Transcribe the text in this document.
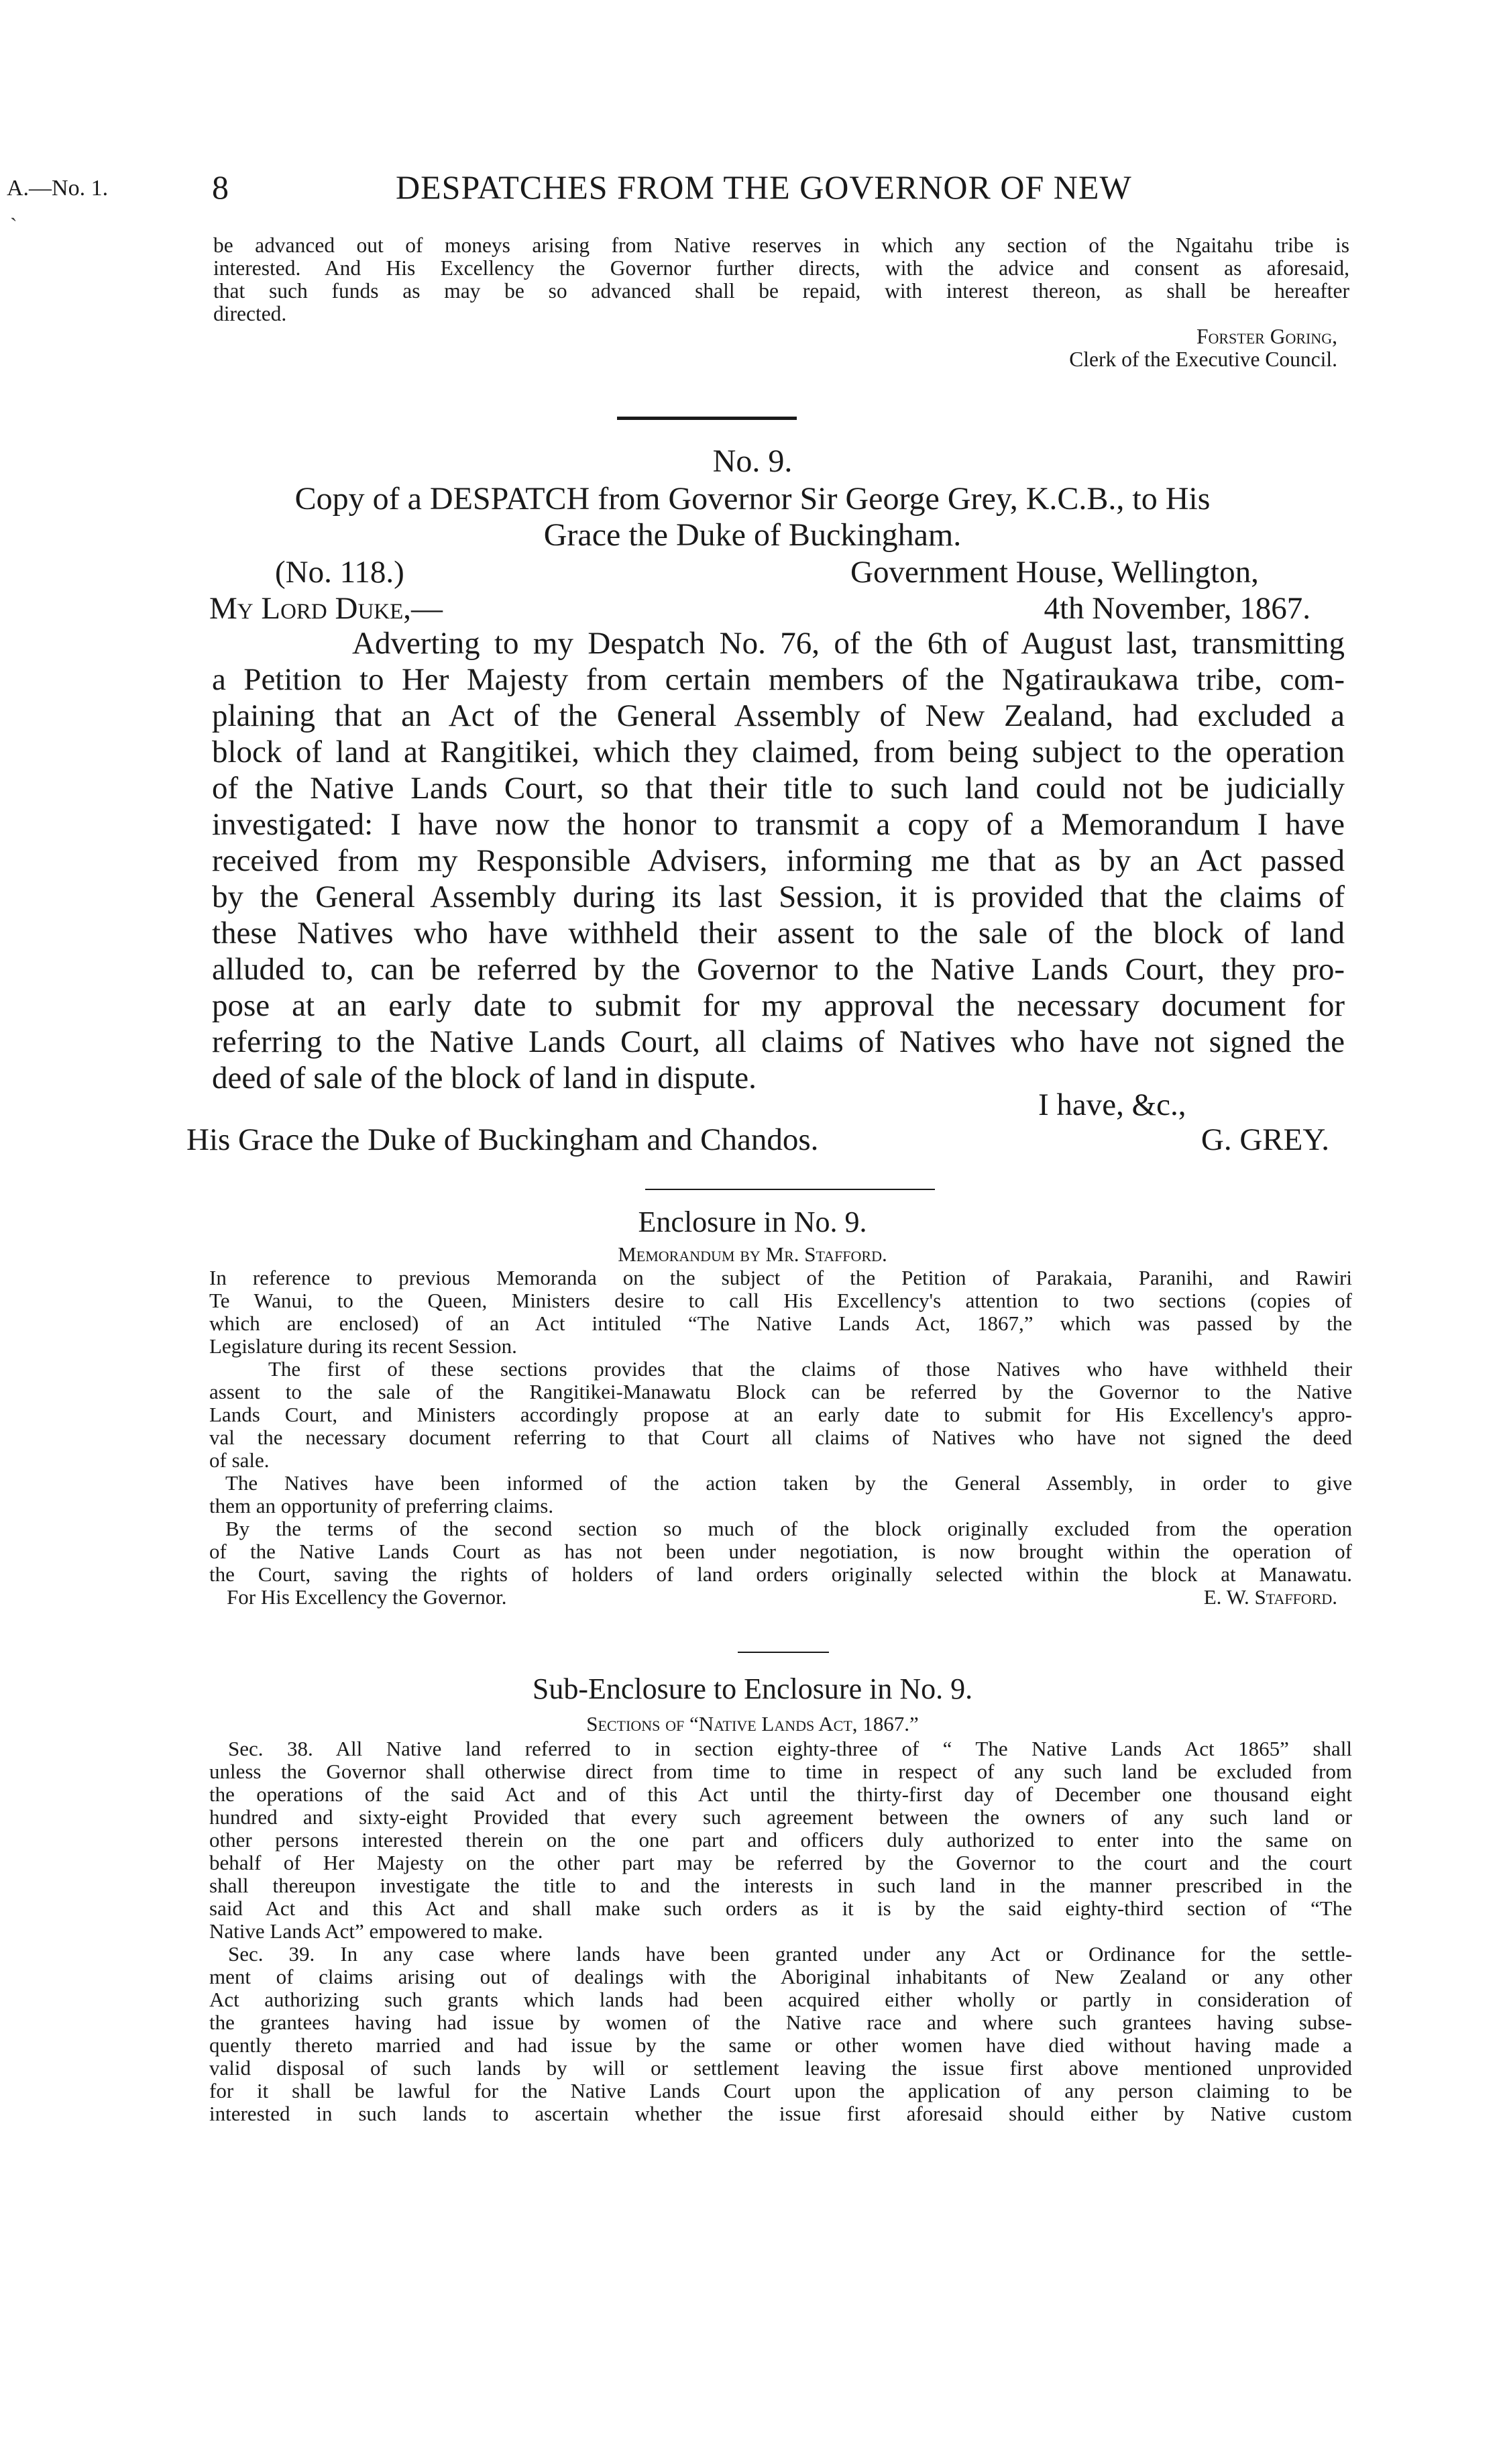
A.—No. 1.	8	DESPATCHES FROM THE GOVERNOR OF NEW
ˋ
be advanced out of moneys arising from Native reserves in which any section of the Ngaitahu tribe is
interested. And His Excellency the Governor further directs, with the advice and consent as aforesaid,
that such funds as may be so advanced shall be repaid, with interest thereon, as shall be hereafter
directed.
Forster Goring,
Clerk of the Executive Council.
No. 9.
Copy of a DESPATCH from Governor Sir George Grey, K.C.B., to His
Grace the Duke of Buckingham.
(No. 118.)	Government House, Wellington,
My Lord Duke,—	4th November, 1867.
Adverting to my Despatch No. 76, of the 6th of August last, transmitting
a Petition to Her Majesty from certain members of the Ngatiraukawa tribe, com-
plaining that an Act of the General Assembly of New Zealand, had excluded a
block of land at Rangitikei, which they claimed, from being subject to the operation
of the Native Lands Court, so that their title to such land could not be judicially
investigated: I have now the honor to transmit a copy of a Memorandum I have
received from my Responsible Advisers, informing me that as by an Act passed
by the General Assembly during its last Session, it is provided that the claims of
these Natives who have withheld their assent to the sale of the block of land
alluded to, can be referred by the Governor to the Native Lands Court, they pro-
pose at an early date to submit for my approval the necessary document for
referring to the Native Lands Court, all claims of Natives who have not signed the
deed of sale of the block of land in dispute.
I have, &c.,
His Grace the Duke of Buckingham and Chandos.	G. GREY.
Enclosure in No. 9.
Memorandum by Mr. Stafford.
In reference to previous Memoranda on the subject of the Petition of Parakaia, Paranihi, and Rawiri
Te Wanui, to the Queen, Ministers desire to call His Excellency's attention to two sections (copies of
which are enclosed) of an Act intituled “The Native Lands Act, 1867,” which was passed by the
Legislature during its recent Session.
The first of these sections provides that the claims of those Natives who have withheld their
assent to the sale of the Rangitikei-Manawatu Block can be referred by the Governor to the Native
Lands Court, and Ministers accordingly propose at an early date to submit for His Excellency's appro-
val the necessary document referring to that Court all claims of Natives who have not signed the deed
of sale.
The Natives have been informed of the action taken by the General Assembly, in order to give
them an opportunity of preferring claims.
By the terms of the second section so much of the block originally excluded from the operation
of the Native Lands Court as has not been under negotiation, is now brought within the operation of
the Court, saving the rights of holders of land orders originally selected within the block at Manawatu.
For His Excellency the Governor.	E. W. Stafford.
Sub-Enclosure to Enclosure in No. 9.
Sections of “Native Lands Act, 1867.”
Sec. 38. All Native land referred to in section eighty-three of “ The Native Lands Act 1865” shall
unless the Governor shall otherwise direct from time to time in respect of any such land be excluded from
the operations of the said Act and of this Act until the thirty-first day of December one thousand eight
hundred and sixty-eight Provided that every such agreement between the owners of any such land or
other persons interested therein on the one part and officers duly authorized to enter into the same on
behalf of Her Majesty on the other part may be referred by the Governor to the court and the court
shall thereupon investigate the title to and the interests in such land in the manner prescribed in the
said Act and this Act and shall make such orders as it is by the said eighty-third section of “The
Native Lands Act” empowered to make.
Sec. 39. In any case where lands have been granted under any Act or Ordinance for the settle-
ment of claims arising out of dealings with the Aboriginal inhabitants of New Zealand or any other
Act authorizing such grants which lands had been acquired either wholly or partly in consideration of
the grantees having had issue by women of the Native race and where such grantees having subse-
quently thereto married and had issue by the same or other women have died without having made a
valid disposal of such lands by will or settlement leaving the issue first above mentioned unprovided
for it shall be lawful for the Native Lands Court upon the application of any person claiming to be
interested in such lands to ascertain whether the issue first aforesaid should either by Native custom
